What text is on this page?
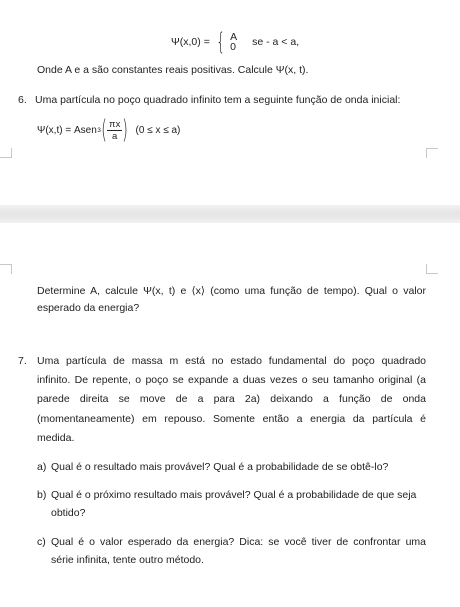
Ψ(x,0) = { A
0 se - a < a,
Onde A e a são constantes reais positivas. Calcule Ψ(x, t).
6. Uma partícula no poço quadrado infinito tem a seguinte função de onda inicial:
Ψ(x,t) = Asen 3 ( $\frac{\pi x}{a}$ ) (0 ≤ x ≤ a)
Determine A, calcule Ψ(x, t) e ⟨x⟩ (como uma função de tempo). Qual o valor
esperado da energia?
7. Uma partícula de massa m está no estado fundamental do poço quadrado
infinito. De repente, o poço se expande a duas vezes o seu tamanho original (a
parede direita se move de a para 2a) deixando a função de onda
(momentaneamente) em repouso. Somente então a energia da partícula é
medida.
a) Qual é o resultado mais provável? Qual é a probabilidade de se obtê-lo?
b) Qual é o próximo resultado mais provável? Qual é a probabilidade de que seja
obtido?
c) Qual é o valor esperado da energia? Dica: se você tiver de confrontar uma
série infinita, tente outro método.
